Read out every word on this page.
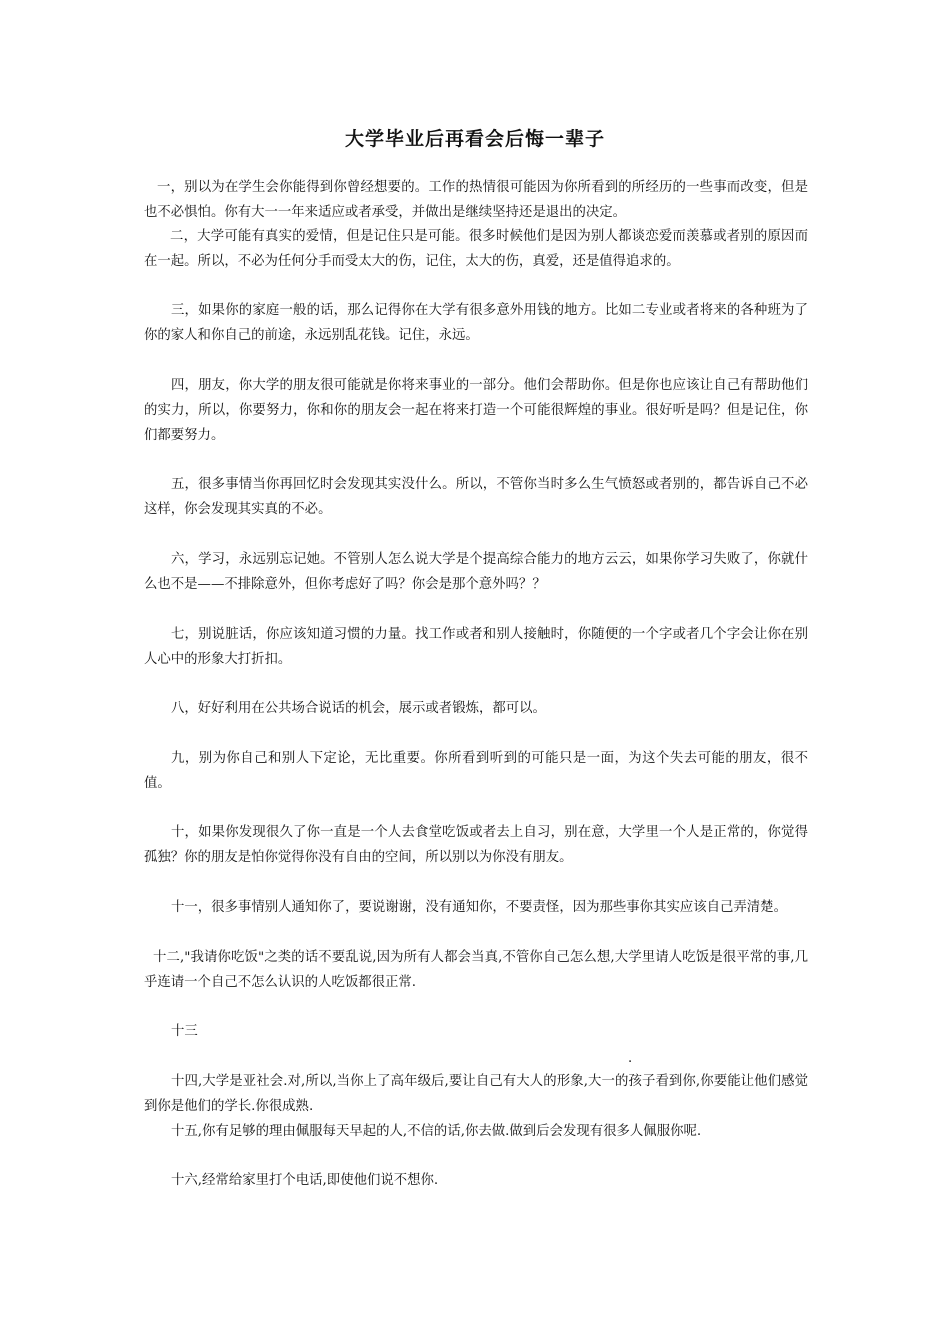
大学毕业后再看会后悔一辈子

一，别以为在学生会你能得到你曾经想要的。工作的热情很可能因为你所看到的所经历的一些事而改变，但是也不必惧怕。你有大一一年来适应或者承受，并做出是继续坚持还是退出的决定。

二，大学可能有真实的爱情，但是记住只是可能。很多时候他们是因为别人都谈恋爱而羡慕或者别的原因而在一起。所以，不必为任何分手而受太大的伤，记住，太大的伤，真爱，还是值得追求的。

三，如果你的家庭一般的话，那么记得你在大学有很多意外用钱的地方。比如二专业或者将来的各种班为了你的家人和你自己的前途，永远别乱花钱。记住，永远。

四，朋友，你大学的朋友很可能就是你将来事业的一部分。他们会帮助你。但是你也应该让自己有帮助他们的实力，所以，你要努力，你和你的朋友会一起在将来打造一个可能很辉煌的事业。很好听是吗？但是记住，你们都要努力。

五，很多事情当你再回忆时会发现其实没什么。所以，不管你当时多么生气愤怒或者别的，都告诉自己不必这样，你会发现其实真的不必。

六，学习，永远别忘记她。不管别人怎么说大学是个提高综合能力的地方云云，如果你学习失败了，你就什么也不是——不排除意外，但你考虑好了吗？你会是那个意外吗？？

七，别说脏话，你应该知道习惯的力量。找工作或者和别人接触时，你随便的一个字或者几个字会让你在别人心中的形象大打折扣。

八，好好利用在公共场合说话的机会，展示或者锻炼，都可以。

九，别为你自己和别人下定论，无比重要。你所看到听到的可能只是一面，为这个失去可能的朋友，很不值。

十，如果你发现很久了你一直是一个人去食堂吃饭或者去上自习，别在意，大学里一个人是正常的，你觉得孤独？你的朋友是怕你觉得你没有自由的空间，所以别以为你没有朋友。

十一，很多事情别人通知你了，要说谢谢，没有通知你，不要责怪，因为那些事你其实应该自己弄清楚。

十二,"我请你吃饭"之类的话不要乱说,因为所有人都会当真,不管你自己怎么想,大学里请人吃饭是很平常的事,几乎连请一个自己不怎么认识的人吃饭都很正常.

十三

.

十四,大学是亚社会.对,所以,当你上了高年级后,要让自己有大人的形象,大一的孩子看到你,你要能让他们感觉到你是他们的学长.你很成熟.

十五,你有足够的理由佩服每天早起的人,不信的话,你去做.做到后会发现有很多人佩服你呢.

十六,经常给家里打个电话,即使他们说不想你.
